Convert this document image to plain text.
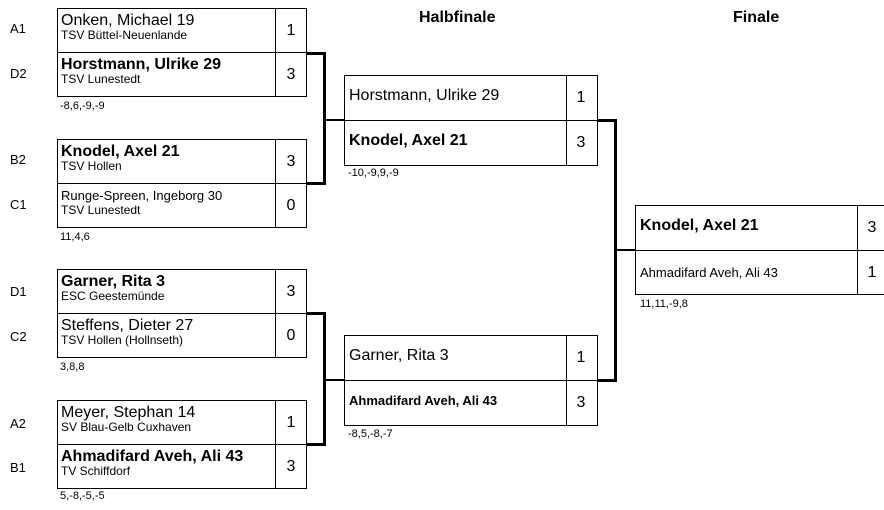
Halbfinale	Finale
A1
D2
Onken, Michael 19
TSV Büttel-Neuenlande	1
Horstmann, Ulrike 29
TSV Lunestedt	3
-8,6,-9,-9
B2
C1
Knodel, Axel 21
TSV Hollen	3
Runge-Spreen, Ingeborg 30
TSV Lunestedt	0
11,4,6
D1
C2
Garner, Rita 3
ESC Geestemünde	3
Steffens, Dieter 27
TSV Hollen (Hollnseth)	0
3,8,8
A2
B1
Meyer, Stephan 14
SV Blau-Gelb Cuxhaven	1
Ahmadifard Aveh, Ali 43
TV Schiffdorf	3
5,-8,-5,-5
Horstmann, Ulrike 29	1
Knodel, Axel 21	3
-10,-9,9,-9
Garner, Rita 3	1
Ahmadifard Aveh, Ali 43	3
-8,5,-8,-7
Knodel, Axel 21	3
Ahmadifard Aveh, Ali 43	1
11,11,-9,8
